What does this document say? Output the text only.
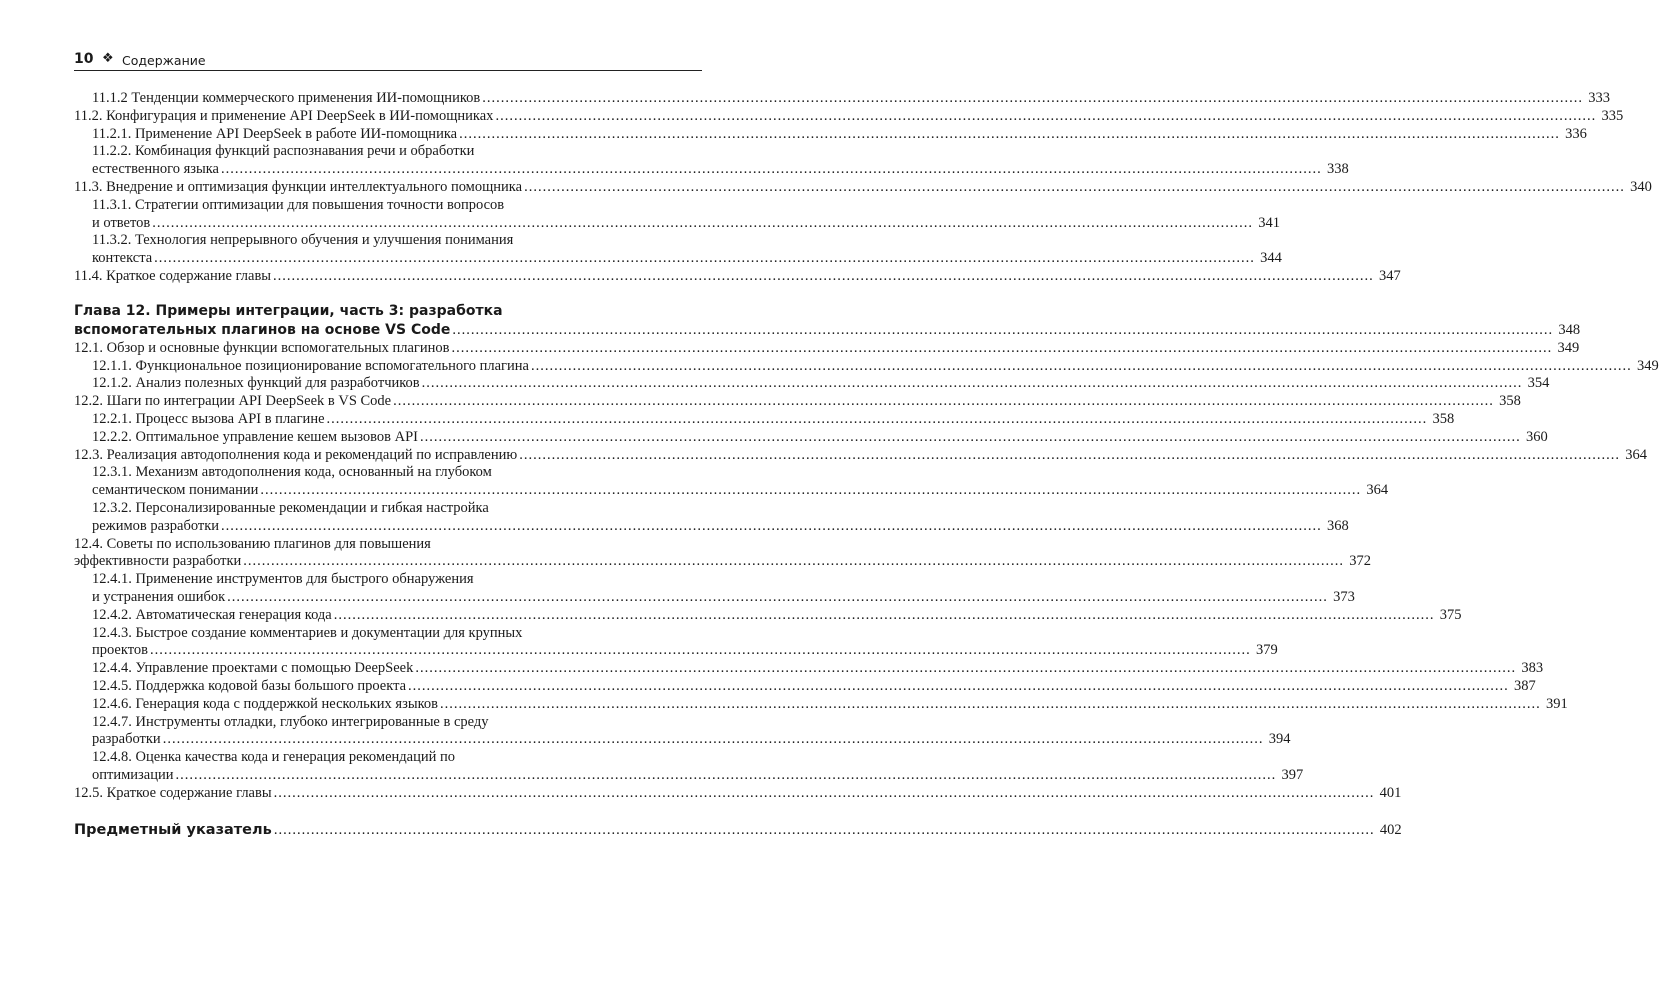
10 ❖ Содержание
11.1.2 Тенденции коммерческого применения ИИ-помощников .....	333
11.2. Конфигурация и применение API DeepSeek в ИИ-помощниках .....	335
11.2.1. Применение API DeepSeek в работе ИИ-помощника .....	336
11.2.2. Комбинация функций распознавания речи и обработки
естественного языка .....	338
11.3. Внедрение и оптимизация функции интеллектуального помощника .....	340
11.3.1. Стратегии оптимизации для повышения точности вопросов
и ответов .....	341
11.3.2. Технология непрерывного обучения и улучшения понимания
контекста .....	344
11.4. Краткое содержание главы .....	347
Глава 12. Примеры интеграции, часть 3: разработка
вспомогательных плагинов на основе VS Code .....	348
12.1. Обзор и основные функции вспомогательных плагинов .....	349
12.1.1. Функциональное позиционирование вспомогательного плагина .....	349
12.1.2. Анализ полезных функций для разработчиков .....	354
12.2. Шаги по интеграции API DeepSeek в VS Code .....	358
12.2.1. Процесс вызова API в плагине .....	358
12.2.2. Оптимальное управление кешем вызовов API .....	360
12.3. Реализация автодополнения кода и рекомендаций по исправлению .....	364
12.3.1. Механизм автодополнения кода, основанный на глубоком
семантическом понимании .....	364
12.3.2. Персонализированные рекомендации и гибкая настройка
режимов разработки .....	368
12.4. Советы по использованию плагинов для повышения
эффективности разработки .....	372
12.4.1. Применение инструментов для быстрого обнаружения
и устранения ошибок .....	373
12.4.2. Автоматическая генерация кода .....	375
12.4.3. Быстрое создание комментариев и документации для крупных
проектов .....	379
12.4.4. Управление проектами с помощью DeepSeek .....	383
12.4.5. Поддержка кодовой базы большого проекта .....	387
12.4.6. Генерация кода с поддержкой нескольких языков .....	391
12.4.7. Инструменты отладки, глубоко интегрированные в среду
разработки .....	394
12.4.8. Оценка качества кода и генерация рекомендаций по
оптимизации .....	397
12.5. Краткое содержание главы .....	401
Предметный указатель .....	402
